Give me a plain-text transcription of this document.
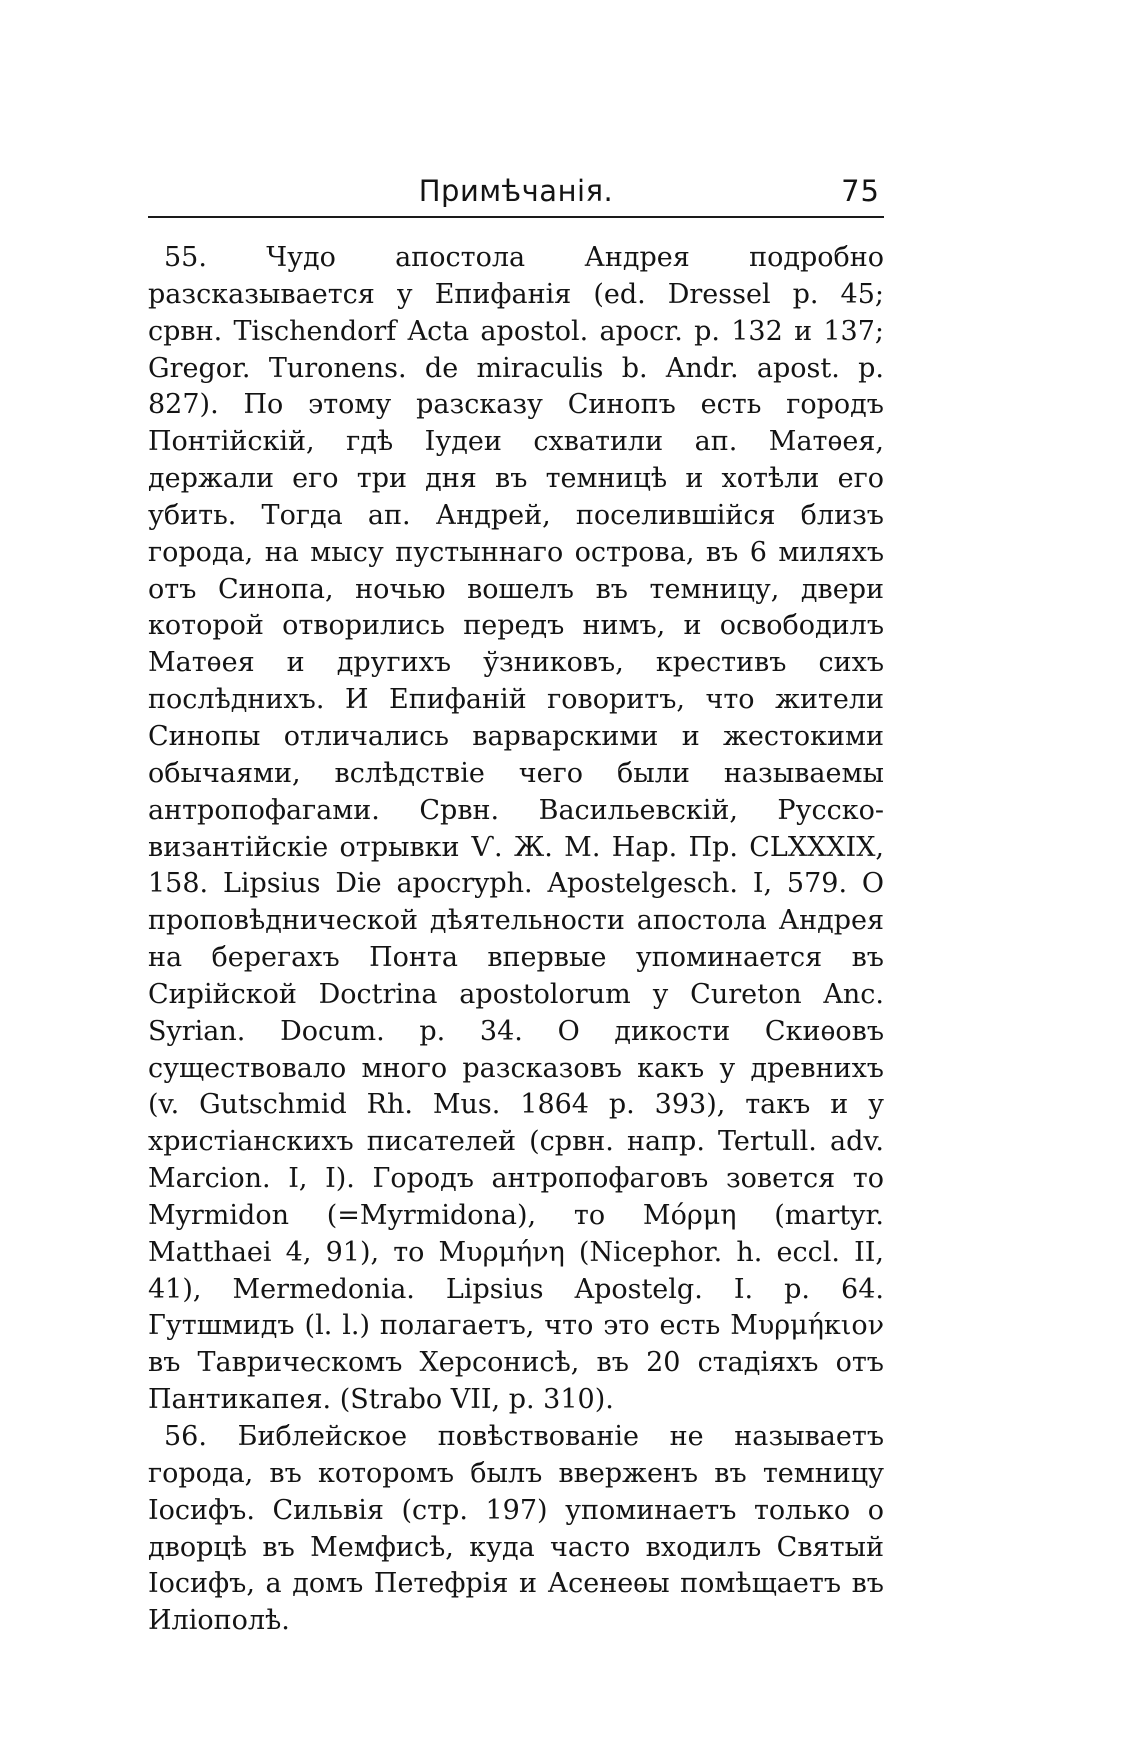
Примѣчанія.	75

55. Чудо апостола Андрея подробно разсказывается у Епифанія (ed. Dressel p. 45; срвн. Tischendorf Acta apostol. apocr. p. 132 и 137; Gregor. Turonens. de miraculis b. Andr. apost. p. 827). По этому разсказу Синопъ есть городъ Понтійскій, гдѣ Іудеи схватили ап. Матѳея, держали его три дня въ темницѣ и хотѣли его убить. Тогда ап. Андрей, поселившійся близъ города, на мысу пустыннаго острова, въ 6 миляхъ отъ Синопа, ночью вошелъ въ темницу, двери которой отворились передъ нимъ, и освободилъ Матѳея и другихъ ўзниковъ, крестивъ сихъ послѣднихъ. И Епифаній говоритъ, что жители Синопы отличались варварскими и жестокими обычаями, вслѣдствіе чего были называемы антропофагами. Срвн. Васильевскій, Русско-византійскіе отрывки Ѵ. Ж. М. Нар. Пр. CLXXXIX, 158. Lipsius Die apocryph. Apostelgesch. I, 579. О проповѣднической дѣятельности апостола Андрея на берегахъ Понта впервые упоминается въ Сирійской Doctrina apostolorum у Cureton Anc. Syrian. Docum. p. 34. О дикости Скиѳовъ существовало много разсказовъ какъ у древнихъ (v. Gutschmid Rh. Mus. 1864 p. 393), такъ и у христіанскихъ писателей (срвн. напр. Tertull. adv. Marcion. I, I). Городъ антропофаговъ зовется то Myrmidon (=Myrmidona), то Μόρμη (martyr. Matthaei 4, 91), то Μυρμήνη (Nicephor. h. eccl. II, 41), Mermedonia. Lipsius Apostelg. I. p. 64. Гутшмидъ (l. l.) полагаетъ, что это есть Μυρμήκιον въ Таврическомъ Херсонисѣ, въ 20 стадіяхъ отъ Пантикапея. (Strabo VII, p. 310).

56. Библейское повѣствованіе не называетъ города, въ которомъ былъ вверженъ въ темницу Іосифъ. Сильвія (стр. 197) упоминаетъ только о дворцѣ въ Мемфисѣ, куда часто входилъ Святый Іосифъ, а домъ Петефрія и Асенеѳы помѣщаетъ въ Иліополѣ.
